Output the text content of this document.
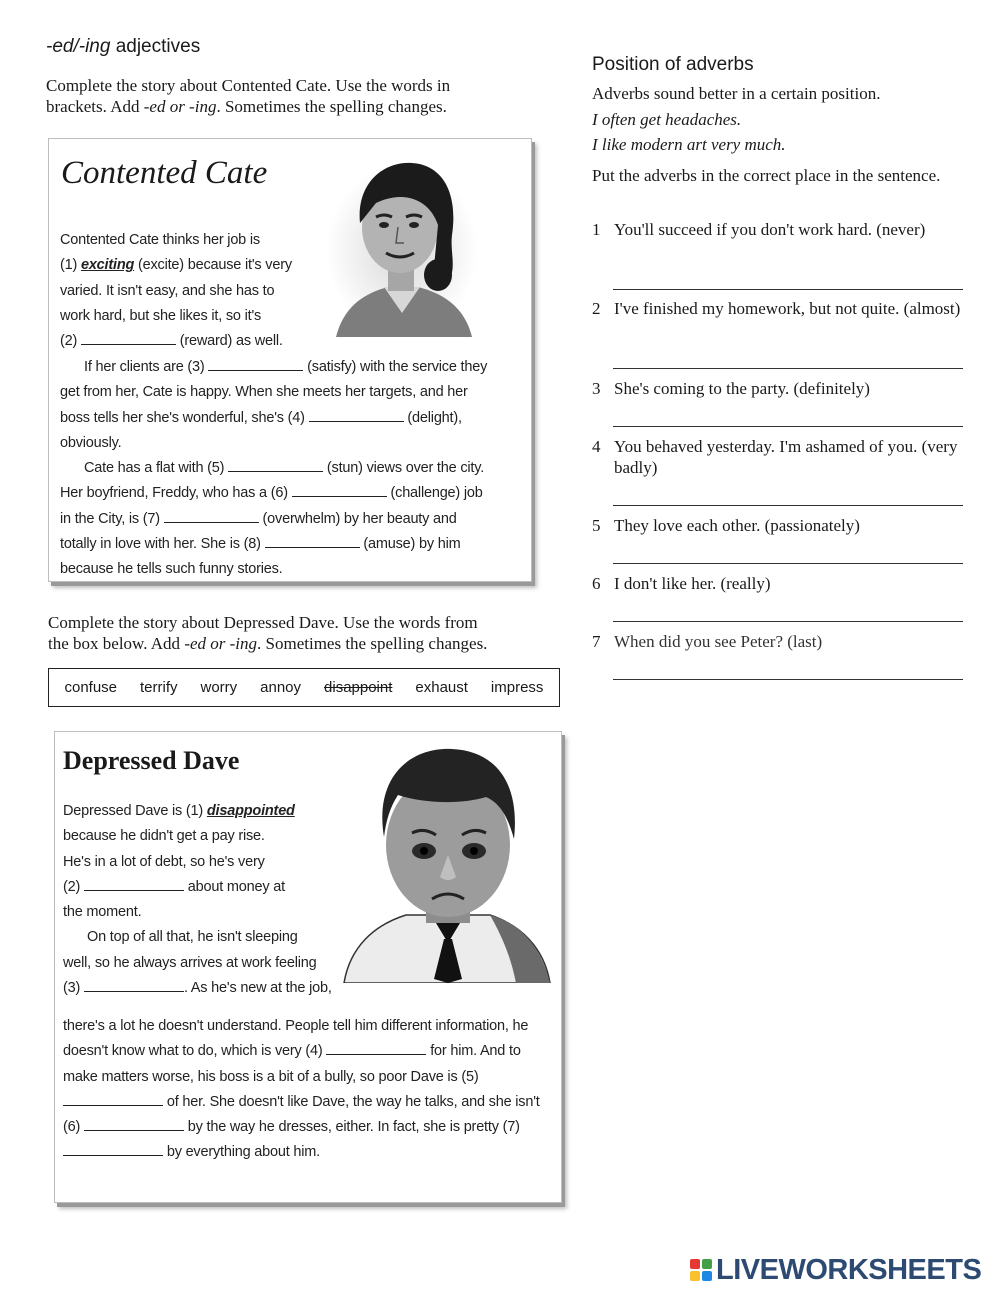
-ed/-ing adjectives
Complete the story about Contented Cate. Use the words in
brackets. Add -ed or -ing. Sometimes the spelling changes.
Contented Cate

Contented Cate thinks her job is

(1) exciting (excite) because it's very

varied. It isn't easy, and she has to

work hard, but she likes it, so it's

(2)	(reward) as well.

If her clients are (3)	(satisfy) with the service they get from her, Cate is happy. When she meets her targets, and her boss tells her she's wonderful, she's (4)	(delight), obviously.

Cate has a flat with (5)	(stun) views over the city. Her boyfriend, Freddy, who has a (6)	(challenge) job in the City, is (7)	(overwhelm) by her beauty and totally in love with her. She is (8)	(amuse) by him because he tells such funny stories.

Complete the story about Depressed Dave. Use the words from
the box below. Add -ed or -ing. Sometimes the spelling changes.
confuse terrify worry annoy disappoint exhaust impress
Depressed Dave

Depressed Dave is (1) disappointed

because he didn't get a pay rise.

He's in a lot of debt, so he's very

(2)	about money at

the moment.

On top of all that, he isn't sleeping

well, so he always arrives at work feeling

(3)	. As he's new at the job,

there's a lot he doesn't understand. People tell him different information, he doesn't know what to do, which is very (4)	for him. And to make matters worse, his boss is a bit of a bully, so poor Dave is (5)  of her. She doesn't like Dave, the way he talks, and she isn't (6)	by the way he dresses, either. In fact, she is pretty (7)  by everything about him.

Position of adverbs
Adverbs sound better in a certain position.
I often get headaches.
I like modern art very much.
Put the adverbs in the correct place in the sentence.
1 You'll succeed if you don't work hard. (never)
2 I've finished my homework, but not quite. (almost)
3 She's coming to the party. (definitely)
4 You behaved yesterday. I'm ashamed of you. (very badly)
5 They love each other. (passionately)
6 I don't like her. (really)
7 When did you see Peter? (last)
LIVEWORKSHEETS
